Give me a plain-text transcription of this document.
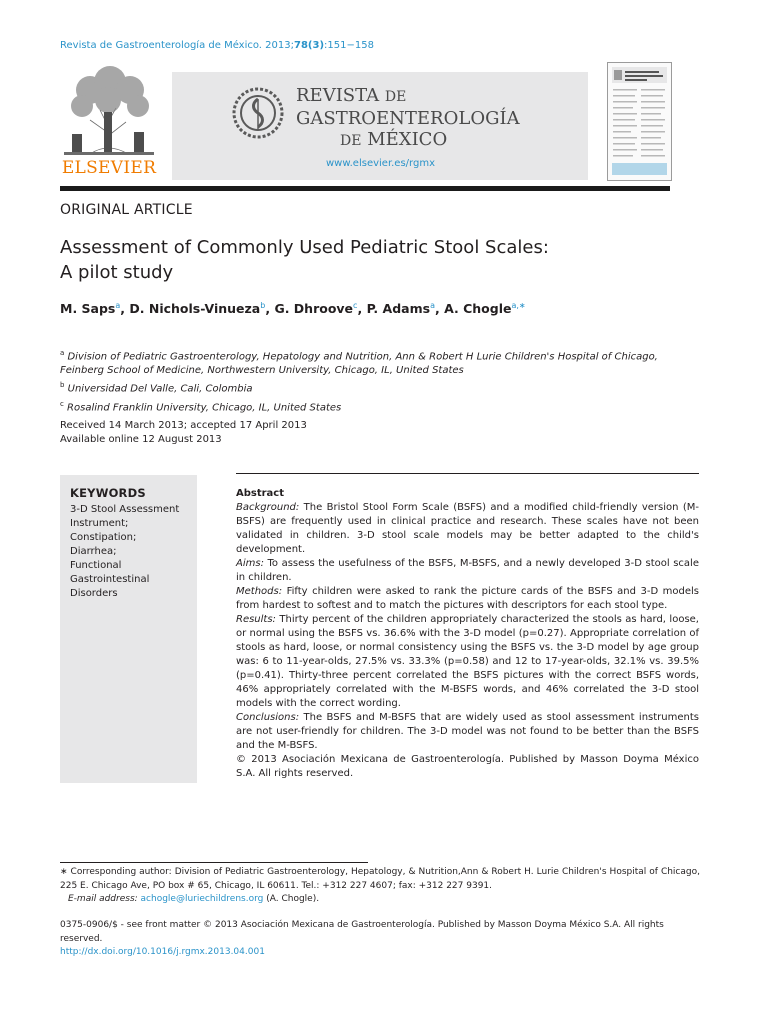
Revista de Gastroenterología de México. 2013;78(3):151−158
ELSEVIER
REVISTA DE
GASTROENTEROLOGÍA
DE MÉXICO
www.elsevier.es/rgmx
ORIGINAL ARTICLE
Assessment of Commonly Used Pediatric Stool Scales:
A pilot study
M. Saps$^a$, D. Nichols-Vinueza$^b$, G. Dhroove$^c$, P. Adams$^a$, A. Chogle$^{a,∗}$

$^a$ Division of Pediatric Gastroenterology, Hepatology and Nutrition, Ann & Robert H Lurie Children's Hospital of Chicago, Feinberg School of Medicine, Northwestern University, Chicago, IL, United States

$^b$ Universidad Del Valle, Cali, Colombia

$^c$ Rosalind Franklin University, Chicago, IL, United States

Received 14 March 2013; accepted 17 April 2013

Available online 12 August 2013

KEYWORDS
3-D Stool Assessment
Instrument;
Constipation;
Diarrhea;
Functional
Gastrointestinal
Disorders

Abstract

Background: The Bristol Stool Form Scale (BSFS) and a modified child-friendly version (M-BSFS) are frequently used in clinical practice and research. These scales have not been validated in children. 3-D stool scale models may be better adapted to the child's development.

Aims: To assess the usefulness of the BSFS, M-BSFS, and a newly developed 3-D stool scale in children.

Methods: Fifty children were asked to rank the picture cards of the BSFS and 3-D models from hardest to softest and to match the pictures with descriptors for each stool type.

Results: Thirty percent of the children appropriately characterized the stools as hard, loose, or normal using the BSFS vs. 36.6% with the 3-D model (p=0.27). Appropriate correlation of stools as hard, loose, or normal consistency using the BSFS vs. the 3-D model by age group was: 6 to 11-year-olds, 27.5% vs. 33.3% (p=0.58) and 12 to 17-year-olds, 32.1% vs. 39.5% (p=0.41). Thirty-three percent correlated the BSFS pictures with the correct BSFS words, 46% appropriately correlated with the M-BSFS words, and 46% correlated the 3-D stool models with the correct wording.

Conclusions: The BSFS and M-BSFS that are widely used as stool assessment instruments are not user-friendly for children. The 3-D model was not found to be better than the BSFS and the M-BSFS.

© 2013 Asociación Mexicana de Gastroenterología. Published by Masson Doyma México S.A. All rights reserved.

∗ Corresponding author: Division of Pediatric Gastroenterology, Hepatology, & Nutrition,Ann & Robert H. Lurie Children's Hospital of Chicago, 225 E. Chicago Ave, PO box # 65, Chicago, IL 60611. Tel.: +312 227 4607; fax: +312 227 9391.

E-mail address: achogle@luriechildrens.org (A. Chogle).

0375-0906/$ - see front matter © 2013 Asociación Mexicana de Gastroenterología. Published by Masson Doyma México S.A. All rights reserved.

http://dx.doi.org/10.1016/j.rgmx.2013.04.001
